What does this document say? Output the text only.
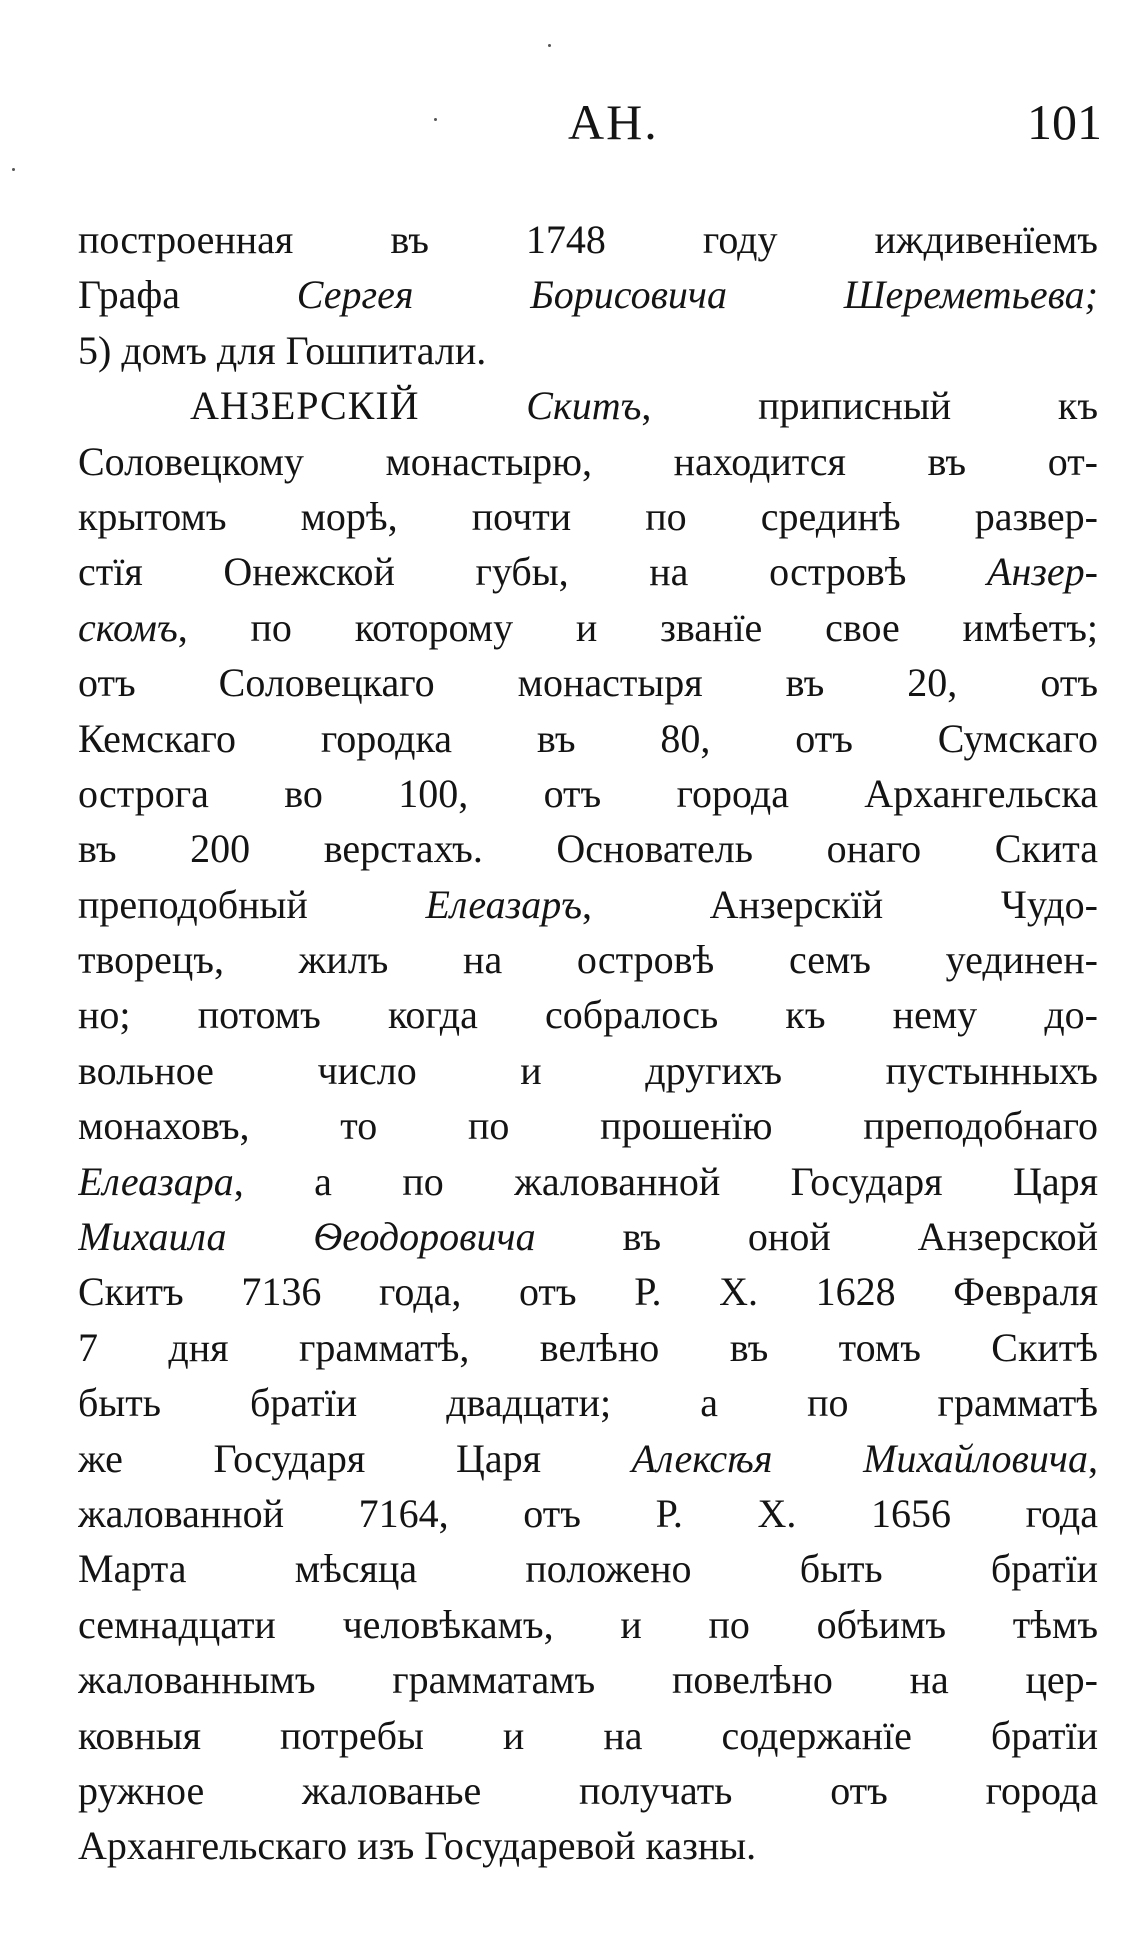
АН.	101
построенная въ 1748 году иждивенїемъ
Графа Сергея Борисовича Шереметьева;
5) домъ для Гошпитали.
АНЗЕРСКIЙ	Скитъ, приписный къ
Соловецкому монастырю, находится въ от-
крытомъ морѣ, почти по срединѣ развер-
стїя Онежской губы, на островѣ Анзер-
скомъ, по которому и званїе свое имѣетъ;
отъ Соловецкаго монастыря въ 20, отъ
Кемскаго городка въ 80, отъ Сумскаго
острога во 100, отъ города Архангельска
въ 200 верстахъ. Основатель онаго Скита
преподобный Елеазаръ, Анзерскїй Чудо-
творецъ, жилъ на островѣ семъ уединен-
но; потомъ когда собралось къ нему до-
вольное число и другихъ пустынныхъ
монаховъ, то по прошенїю преподобнаго
Елеазара, а по жалованной Государя Царя
Михаила Ѳеодоровича въ оной Анзерской
Скитъ 7136 года, отъ Р. Х. 1628 Февраля
7 дня грамматѣ, велѣно въ томъ Скитѣ
быть братїи двадцати; а по грамматѣ
же Государя Царя Алексѣя Михайловича,
жалованной 7164, отъ Р. Х. 1656 года
Марта мѣсяца положено быть братїи
семнадцати человѣкамъ, и по обѣимъ тѣмъ
жалованнымъ грамматамъ повелѣно на цер-
ковныя потребы и на содержанїе братїи
ружное жалованье получать отъ города
Архангельскаго изъ Государевой казны.
